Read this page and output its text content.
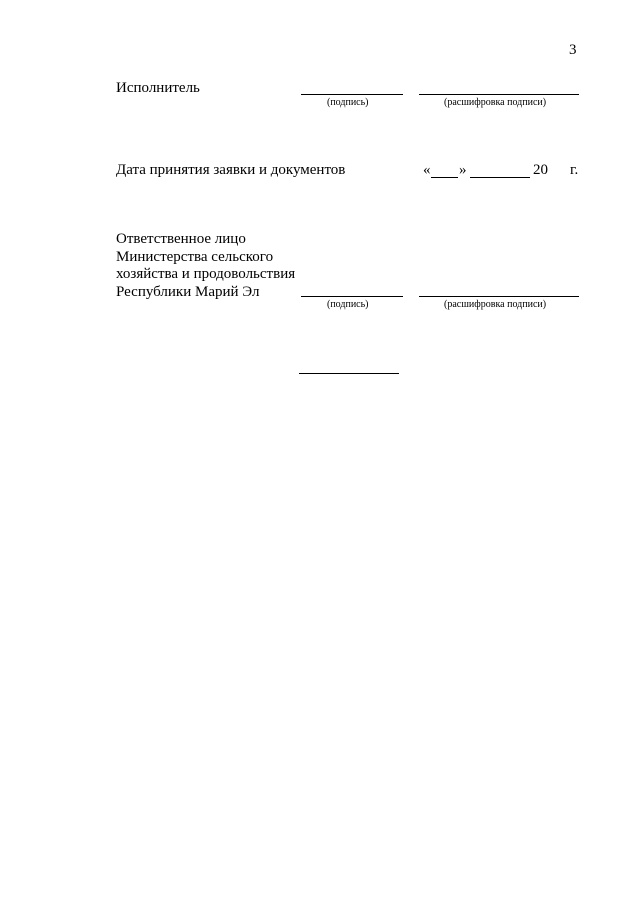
3
Исполнитель
(подпись)	(расшифровка подписи)
Дата принятия заявки и документов	« »	20 г.
Ответственное лицо
Министерства сельского
хозяйства и продовольствия
Республики Марий Эл
(подпись)	(расшифровка подписи)
